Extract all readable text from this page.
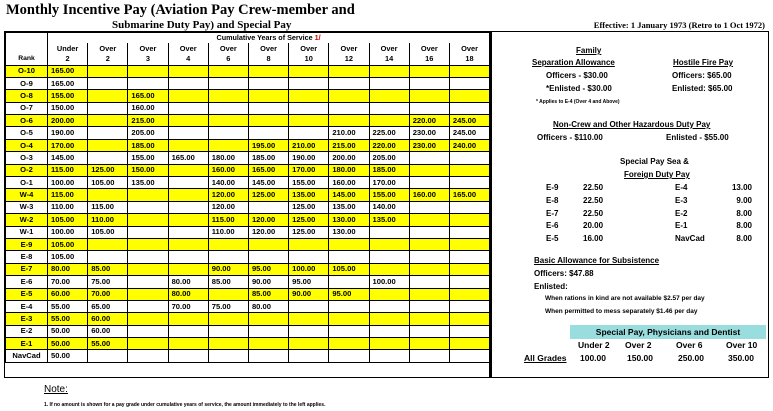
Monthly Incentive Pay (Aviation Pay Crew-member and
Submarine Duty Pay) and Special Pay	Effective: 1 January 1973 (Retro to 1 Oct 1972)
	Cumulative Years of Service 1/										
	Under	Over	Over	Over	Over	Over	Over	Over	Over	Over	Over
Rank	2	2	3	4	6	8	10	12	14	16	18
O-10	165.00										
O-9	165.00										
O-8	155.00		165.00								
O-7	150.00		160.00								
O-6	200.00		215.00							220.00	245.00
O-5	190.00		205.00					210.00	225.00	230.00	245.00
O-4	170.00		185.00			195.00	210.00	215.00	220.00	230.00	240.00
O-3	145.00		155.00	165.00	180.00	185.00	190.00	200.00	205.00		
O-2	115.00	125.00	150.00		160.00	165.00	170.00	180.00	185.00		
O-1	100.00	105.00	135.00		140.00	145.00	155.00	160.00	170.00		
W-4	115.00				120.00	125.00	135.00	145.00	155.00	160.00	165.00
W-3	110.00	115.00			120.00		125.00	135.00	140.00		
W-2	105.00	110.00			115.00	120.00	125.00	130.00	135.00		
W-1	100.00	105.00			110.00	120.00	125.00	130.00			
E-9	105.00										
E-8	105.00										
E-7	80.00	85.00			90.00	95.00	100.00	105.00			
E-6	70.00	75.00		80.00	85.00	90.00	95.00		100.00		
E-5	60.00	70.00		80.00		85.00	90.00	95.00			
E-4	55.00	65.00		70.00	75.00	80.00					
E-3	55.00	60.00									
E-2	50.00	60.00									
E-1	50.00	55.00									
NavCad	50.00										
Family
Separation Allowance
Officers - $30.00
*Enlisted - $30.00
* Applies to E-4 (Over 4 and Above)
Hostile Fire Pay
Officers: $65.00
Enlisted: $65.00
Non-Crew and Other Hazardous Duty Pay
Officers - $110.00	Enlisted - $55.00
Special Pay Sea &
Foreign Duty Pay
E-9	22.50
E-8	22.50
E-7	22.50
E-6	20.00
E-5	16.00
E-4	13.00
E-3	9.00
E-2	8.00
E-1	8.00
NavCad	8.00
Basic Allowance for Subsistence
Officers: $47.88
Enlisted:
When rations in kind are not available $2.57 per day
When permitted to mess separately $1.46 per day
Special Pay, Physicians and Dentist
Under 2 Over 2	Over 6	Over 10
All Grades 100.00 150.00	250.00	350.00
Note:
1. If no amount is shown for a pay grade under cumulative years of service, the amount immediately to the left applies.
